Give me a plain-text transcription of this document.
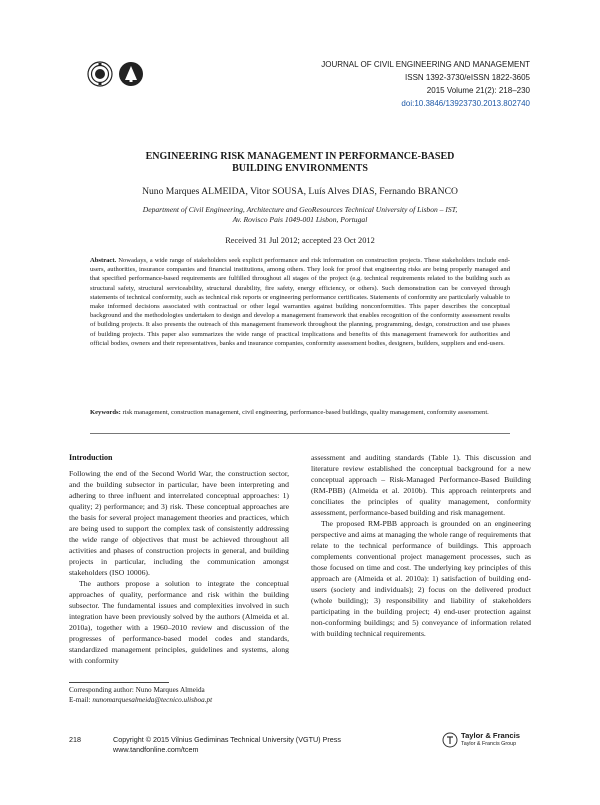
JOURNAL OF CIVIL ENGINEERING AND MANAGEMENT
ISSN 1392-3730/eISSN 1822-3605
2015 Volume 21(2): 218–230
doi:10.3846/13923730.2013.802740
ENGINEERING RISK MANAGEMENT IN PERFORMANCE-BASED
BUILDING ENVIRONMENTS
Nuno Marques ALMEIDA, Vitor SOUSA, Luís Alves DIAS, Fernando BRANCO
Department of Civil Engineering, Architecture and GeoResources Technical University of Lisbon – IST,
Av. Rovisco Pais 1049-001 Lisbon, Portugal
Received 31 Jul 2012; accepted 23 Oct 2012
Abstract. Nowadays, a wide range of stakeholders seek explicit performance and risk information on construction projects. These stakeholders include end-users, authorities, insurance companies and financial institutions, among others. They look for proof that engineering risks are being properly managed and that specified performance-based requirements are fulfilled throughout all stages of the project (e.g. technical requirements related to the building such as structural safety, structural serviceability, structural durability, fire safety, energy efficiency, or others). Such demonstration can be conveyed through statements of technical conformity, such as technical risk reports or engineering performance certificates. Statements of conformity are particularly valuable to make informed decisions associated with contractual or other legal warranties against building nonconformities. This paper describes the conceptual background and the methodologies undertaken to design and develop a management framework that enables recognition of the conformity assessment results of building projects. It also presents the outreach of this management framework throughout the planning, programming, design, construction and use phases of building projects. This paper also summarizes the wide range of practical implications and benefits of this management framework for authorities and official bodies, owners and their representatives, banks and insurance companies, conformity assessment bodies, designers, builders, suppliers and end-users.
Keywords: risk management, construction management, civil engineering, performance-based buildings, quality management, conformity assessment.
Introduction

Following the end of the Second World War, the construction sector, and the building subsector in particular, have been interpreting and adhering to three influent and interrelated conceptual approaches: 1) quality; 2) performance; and 3) risk. These conceptual approaches are the basis for several project management theories and practices, which are being used to support the complex task of consistently addressing the wide range of objectives that must be achieved throughout all activities and phases of construction projects in general, and building projects in particular, including the communication amongst stakeholders (ISO 10006).

The authors propose a solution to integrate the conceptual approaches of quality, performance and risk within the building subsector. The fundamental issues and complexities involved in such integration have been previously solved by the authors (Almeida et al. 2010a), together with a 1960–2010 review and discussion of the progresses of performance-based model codes and standards, standardized management principles, guidelines and systems, along with conformity

assessment and auditing standards (Table 1). This discussion and literature review established the conceptual background for a new conceptual approach – Risk-Managed Performance-Based Building (RM-PBB) (Almeida et al. 2010b). This approach reinterprets and conciliates the principles of quality management, conformity assessment, performance-based building and risk management.

The proposed RM-PBB approach is grounded on an engineering perspective and aims at managing the whole range of requirements that relate to the technical performance of buildings. This approach complements conventional project management processes, such as those focused on time and cost. The underlying key principles of this approach are (Almeida et al. 2010a): 1) satisfaction of building end-users (society and individuals); 2) focus on the delivered product (whole building); 3) responsibility and liability of stakeholders participating in the building project; 4) end-user protection against non-conforming buildings; and 5) conveyance of information related with building technical requirements.

Corresponding author: Nuno Marques Almeida
E-mail: nunomarquesalmeida@tecnico.ulisboa.pt
218	Copyright © 2015 Vilnius Gediminas Technical University (VGTU) Press
www.tandfonline.com/tcem
Taylor & Francis
Taylor & Francis Group
